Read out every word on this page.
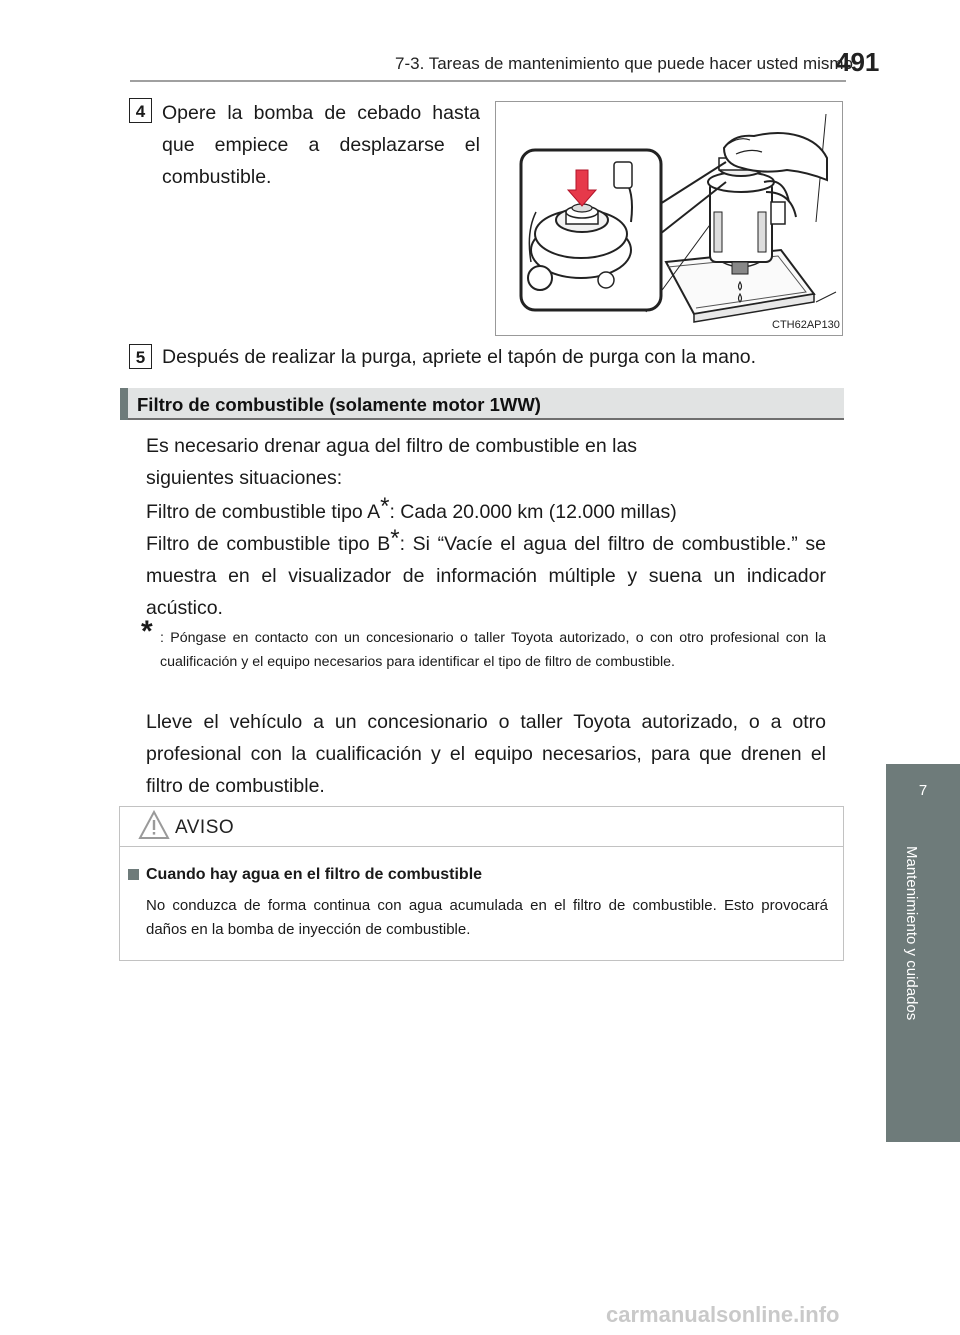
7-3. Tareas de mantenimiento que puede hacer usted mismo
491
7
Mantenimiento y cuidados
4 Opere la bomba de cebado hasta que empiece a desplazarse el combustible.
CTH62AP130
5 Después de realizar la purga, apriete el tapón de purga con la mano.
Filtro de combustible (solamente motor 1WW)
Es necesario drenar agua del filtro de combustible en las siguientes situaciones:
Filtro de combustible tipo A*: Cada 20.000 km (12.000 millas)
Filtro de combustible tipo B*: Si “Vacíe el agua del filtro de combustible.” se muestra en el visualizador de información múltiple y suena un indicador acústico.
* : Póngase en contacto con un concesionario o taller Toyota autorizado, o con otro profesional con la cualificación y el equipo necesarios para identificar el tipo de filtro de combustible.
Lleve el vehículo a un concesionario o taller Toyota autorizado, o a otro profesional con la cualificación y el equipo necesarios, para que drenen el filtro de combustible.
AVISO
Cuando hay agua en el filtro de combustible
No conduzca de forma continua con agua acumulada en el filtro de combustible. Esto provocará daños en la bomba de inyección de combustible.
carmanualsonline.info
